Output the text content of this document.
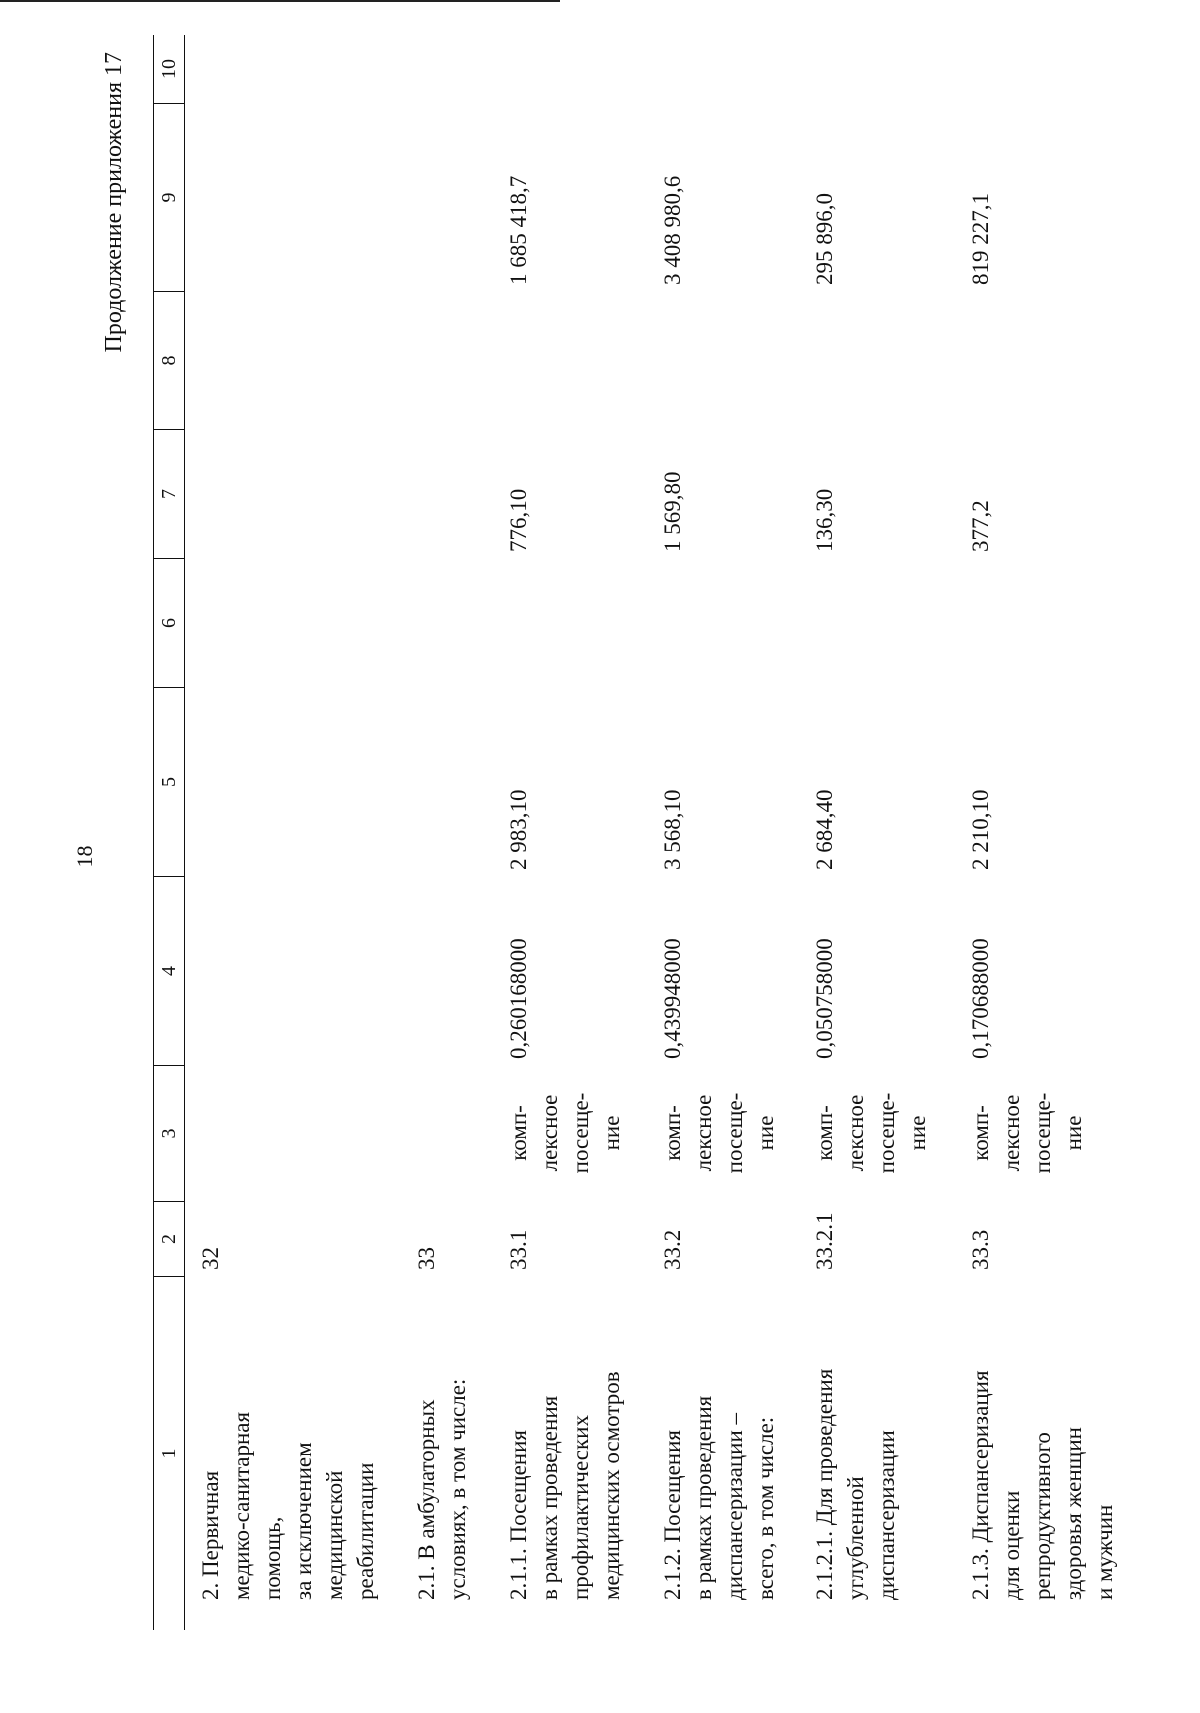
18
Продолжение приложения 17
1
2
3
4
5
6
7
8
9
10
2. Первичная
медико-санитарная
помощь,
за исключением
медицинской
реабилитации
32
2.1. В амбулаторных
условиях, в том числе:
33
2.1.1. Посещения
в рамках проведения
профилактических
медицинских осмотров
33.1
комп-
лексное
посеще-
ние
0,260168000
2 983,10
776,10
1 685 418,7
2.1.2. Посещения
в рамках проведения
диспансеризации –
всего, в том числе:
33.2
комп-
лексное
посеще-
ние
0,439948000
3 568,10
1 569,80
3 408 980,6
2.1.2.1. Для проведения
углубленной
диспансеризации
33.2.1
комп-
лексное
посеще-
ние
0,050758000
2 684,40
136,30
295 896,0
2.1.3. Диспансеризация
для оценки
репродуктивного
здоровья женщин
и мужчин
33.3
комп-
лексное
посеще-
ние
0,170688000
2 210,10
377,2
819 227,1
